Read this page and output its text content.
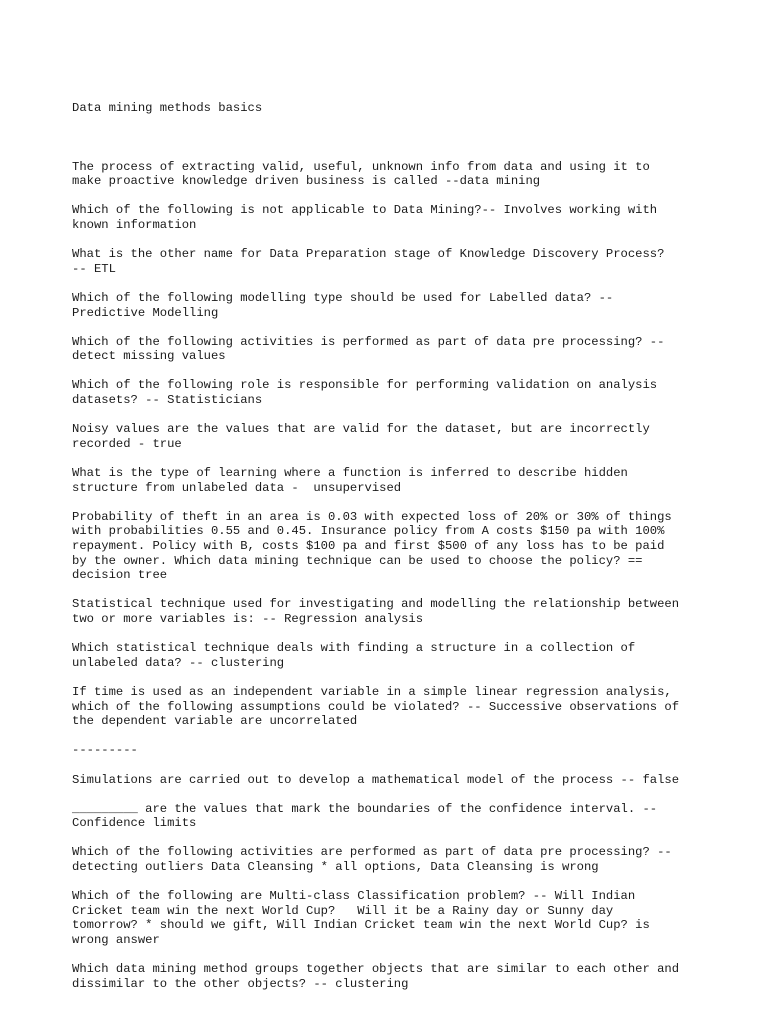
Data mining methods basics

The process of extracting valid, useful, unknown info from data and using it to
make proactive knowledge driven business is called --data mining

Which of the following is not applicable to Data Mining?-- Involves working with
known information

What is the other name for Data Preparation stage of Knowledge Discovery Process?
-- ETL

Which of the following modelling type should be used for Labelled data? --
Predictive Modelling

Which of the following activities is performed as part of data pre processing? --
detect missing values

Which of the following role is responsible for performing validation on analysis
datasets? -- Statisticians

Noisy values are the values that are valid for the dataset, but are incorrectly
recorded - true

What is the type of learning where a function is inferred to describe hidden
structure from unlabeled data -  unsupervised

Probability of theft in an area is 0.03 with expected loss of 20% or 30% of things
with probabilities 0.55 and 0.45. Insurance policy from A costs $150 pa with 100%
repayment. Policy with B, costs $100 pa and first $500 of any loss has to be paid
by the owner. Which data mining technique can be used to choose the policy? ==
decision tree

Statistical technique used for investigating and modelling the relationship between
two or more variables is: -- Regression analysis

Which statistical technique deals with finding a structure in a collection of
unlabeled data? -- clustering

If time is used as an independent variable in a simple linear regression analysis,
which of the following assumptions could be violated? -- Successive observations of
the dependent variable are uncorrelated

---------

Simulations are carried out to develop a mathematical model of the process -- false

_________ are the values that mark the boundaries of the confidence interval. --
Confidence limits

Which of the following activities are performed as part of data pre processing? --
detecting outliers Data Cleansing * all options, Data Cleansing is wrong

Which of the following are Multi-class Classification problem? -- Will Indian
Cricket team win the next World Cup?   Will it be a Rainy day or Sunny day
tomorrow? * should we gift, Will Indian Cricket team win the next World Cup? is
wrong answer

Which data mining method groups together objects that are similar to each other and
dissimilar to the other objects? -- clustering
